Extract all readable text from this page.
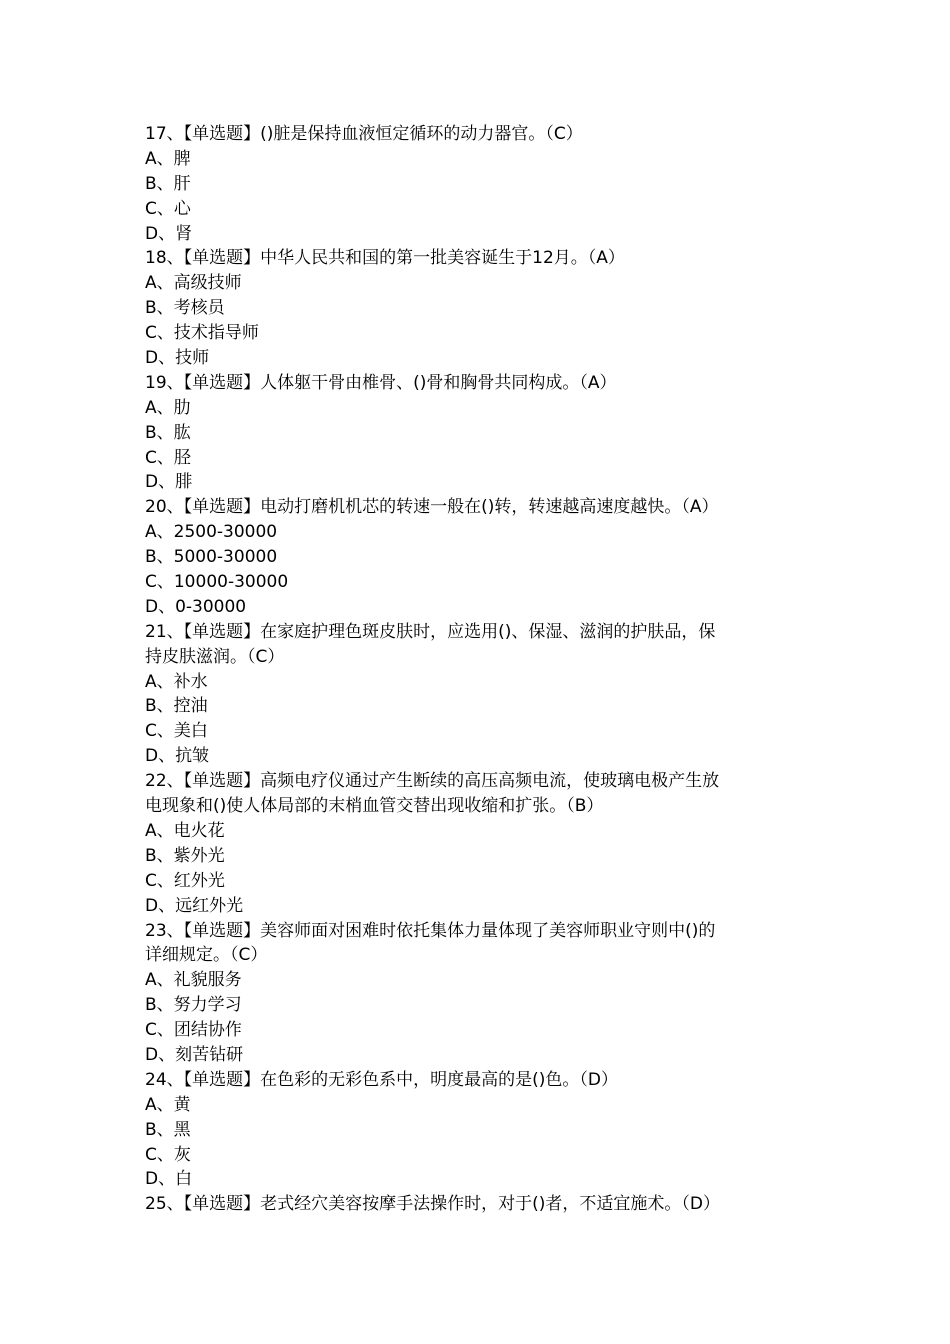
17、【单选题】()脏是保持血液恒定循环的动力器官。（C）
A、脾
B、肝
C、心
D、肾
18、【单选题】中华人民共和国的第一批美容诞生于12月。（A）
A、高级技师
B、考核员
C、技术指导师
D、技师
19、【单选题】人体躯干骨由椎骨、()骨和胸骨共同构成。（A）
A、肋
B、肱
C、胫
D、腓
20、【单选题】电动打磨机机芯的转速一般在()转，转速越高速度越快。（A）
A、2500-30000
B、5000-30000
C、10000-30000
D、0-30000
21、【单选题】在家庭护理色斑皮肤时，应选用()、保湿、滋润的护肤品，保
持皮肤滋润。（C）
A、补水
B、控油
C、美白
D、抗皱
22、【单选题】高频电疗仪通过产生断续的高压高频电流，使玻璃电极产生放
电现象和()使人体局部的末梢血管交替出现收缩和扩张。（B）
A、电火花
B、紫外光
C、红外光
D、远红外光
23、【单选题】美容师面对困难时依托集体力量体现了美容师职业守则中()的
详细规定。（C）
A、礼貌服务
B、努力学习
C、团结协作
D、刻苦钻研
24、【单选题】在色彩的无彩色系中，明度最高的是()色。（D）
A、黄
B、黑
C、灰
D、白
25、【单选题】老式经穴美容按摩手法操作时，对于()者，不适宜施术。（D）
